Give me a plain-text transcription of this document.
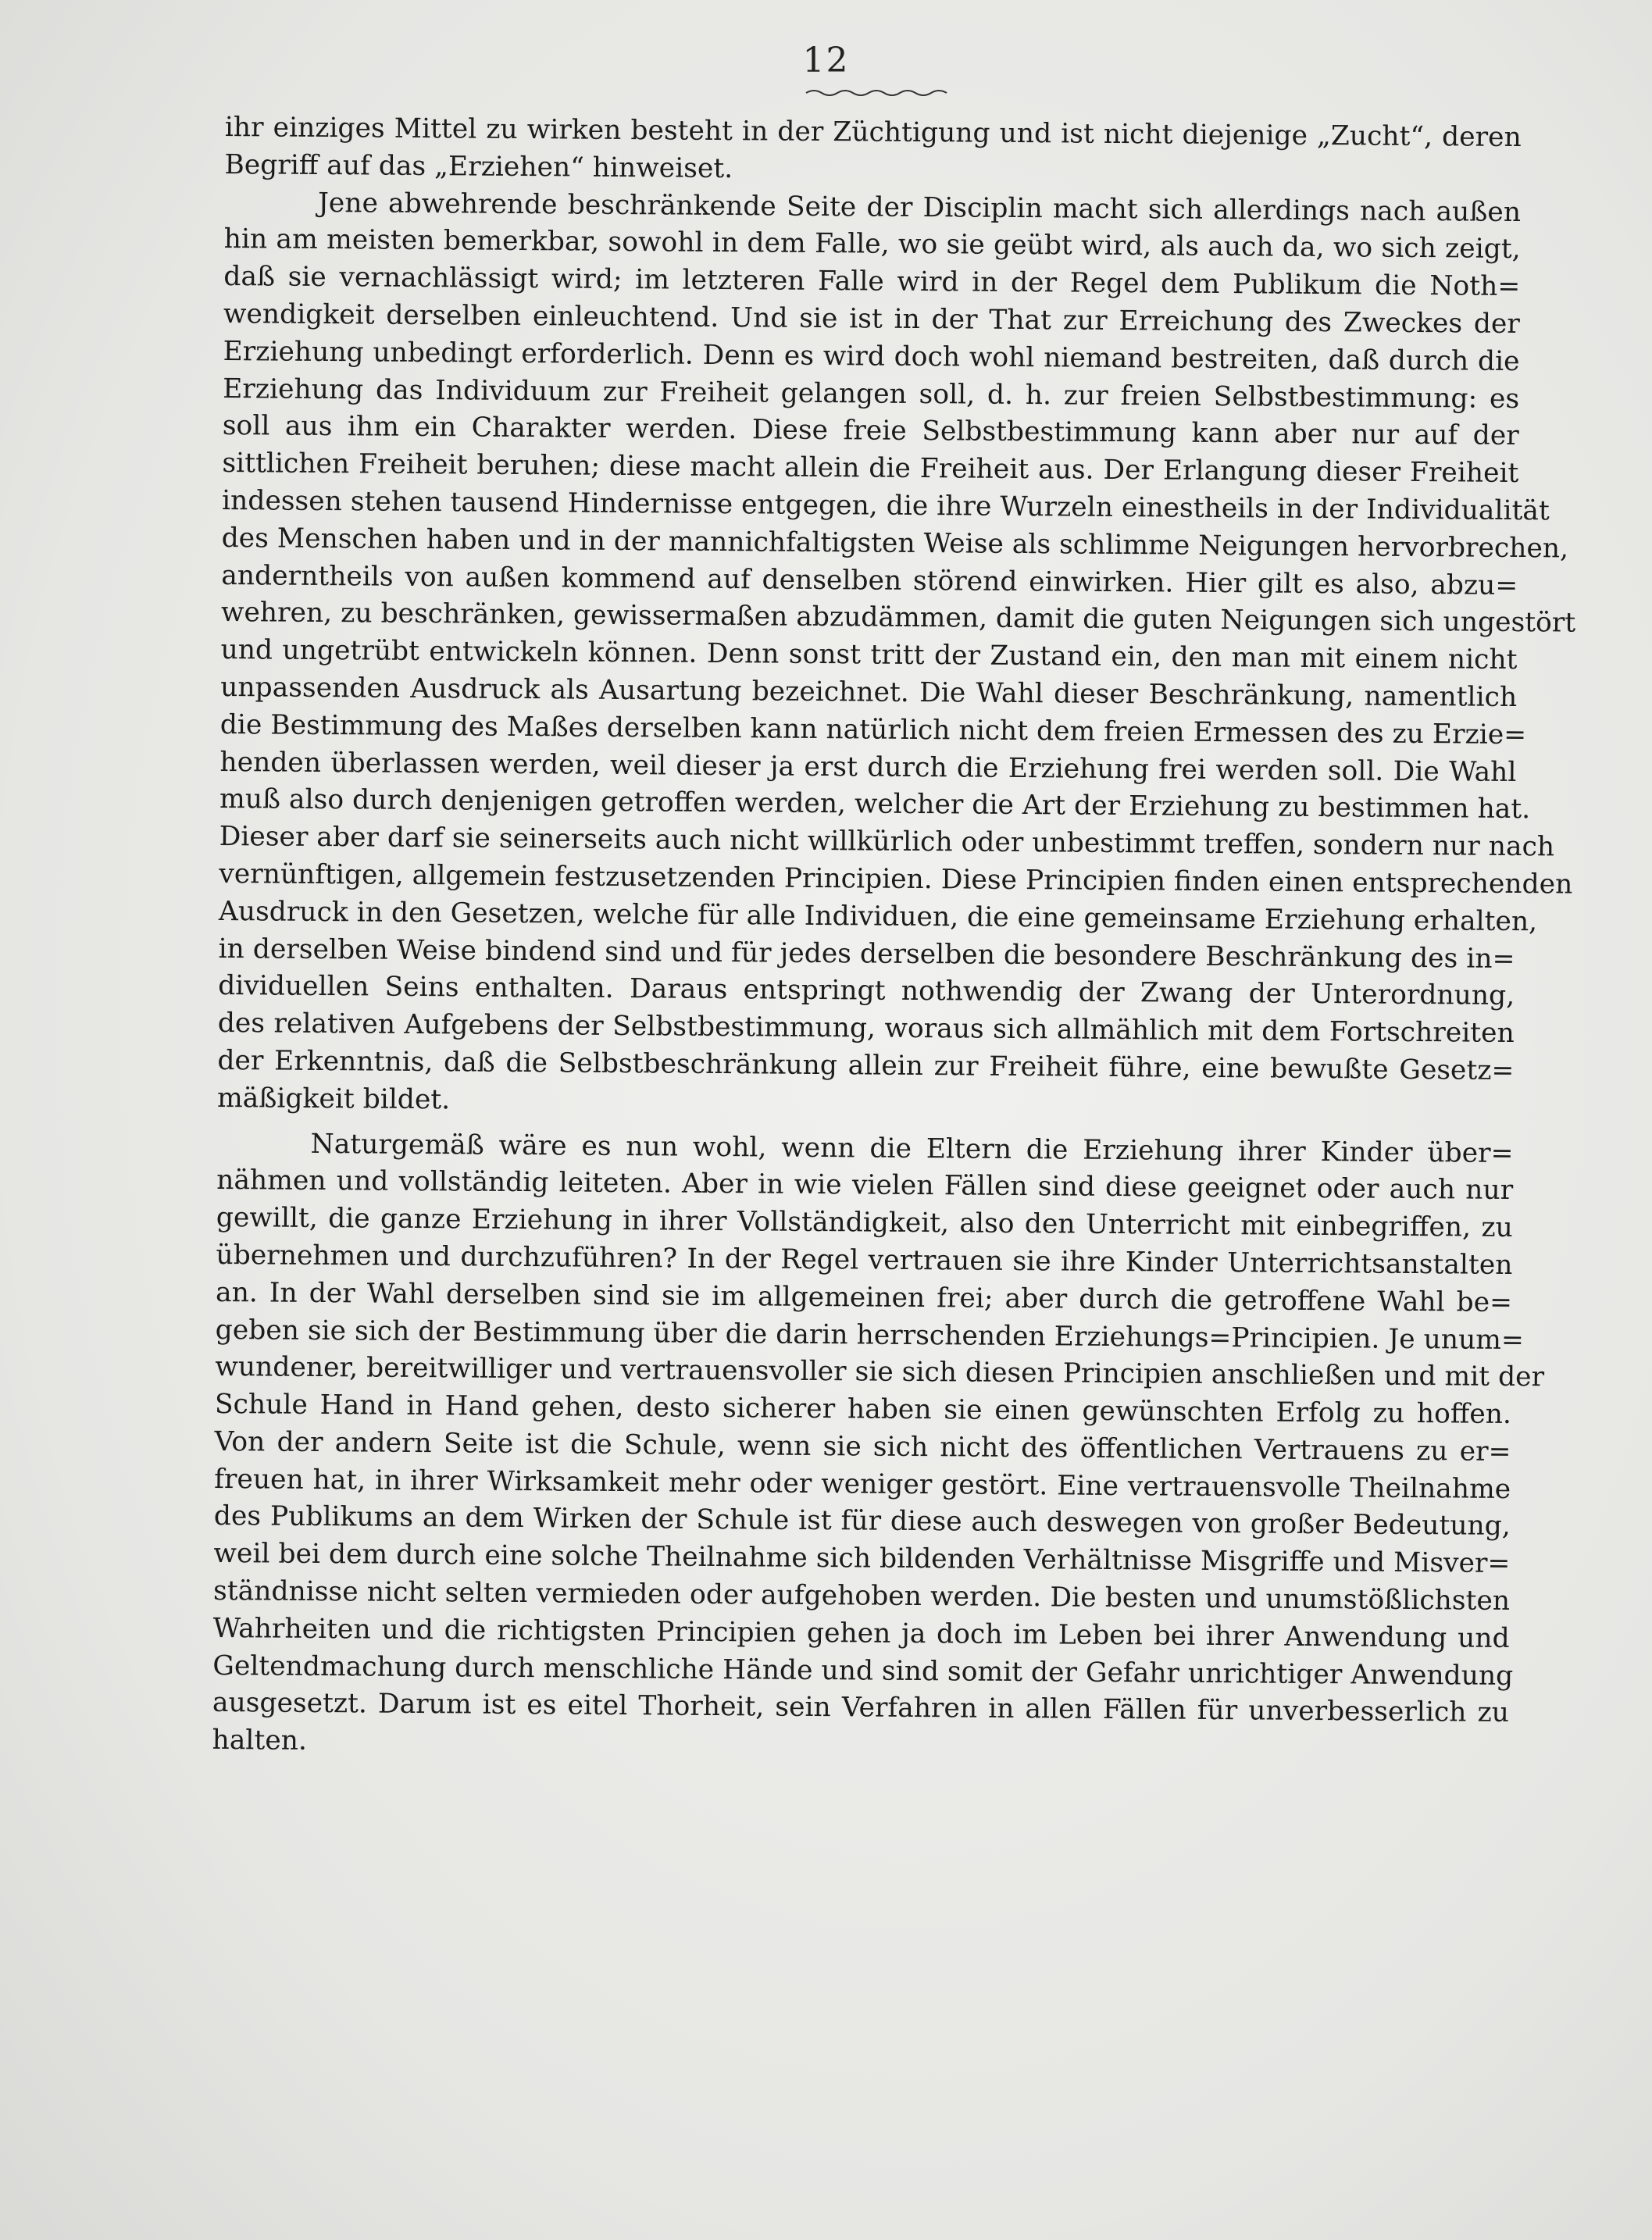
12
ihr einziges Mittel zu wirken besteht in der Züchtigung und ist nicht diejenige „Zucht“, deren
Begriff auf das „Erziehen“ hinweiset.
Jene abwehrende beschränkende Seite der Disciplin macht sich allerdings nach außen
hin am meisten bemerkbar, sowohl in dem Falle, wo sie geübt wird, als auch da, wo sich zeigt,
daß sie vernachlässigt wird; im letzteren Falle wird in der Regel dem Publikum die Noth=
wendigkeit derselben einleuchtend. Und sie ist in der That zur Erreichung des Zweckes der
Erziehung unbedingt erforderlich. Denn es wird doch wohl niemand bestreiten, daß durch die
Erziehung das Individuum zur Freiheit gelangen soll, d. h. zur freien Selbstbestimmung: es
soll aus ihm ein Charakter werden. Diese freie Selbstbestimmung kann aber nur auf der
sittlichen Freiheit beruhen; diese macht allein die Freiheit aus. Der Erlangung dieser Freiheit
indessen stehen tausend Hindernisse entgegen, die ihre Wurzeln einestheils in der Individualität
des Menschen haben und in der mannichfaltigsten Weise als schlimme Neigungen hervorbrechen,
anderntheils von außen kommend auf denselben störend einwirken. Hier gilt es also, abzu=
wehren, zu beschränken, gewissermaßen abzudämmen, damit die guten Neigungen sich ungestört
und ungetrübt entwickeln können. Denn sonst tritt der Zustand ein, den man mit einem nicht
unpassenden Ausdruck als Ausartung bezeichnet. Die Wahl dieser Beschränkung, namentlich
die Bestimmung des Maßes derselben kann natürlich nicht dem freien Ermessen des zu Erzie=
henden überlassen werden, weil dieser ja erst durch die Erziehung frei werden soll. Die Wahl
muß also durch denjenigen getroffen werden, welcher die Art der Erziehung zu bestimmen hat.
Dieser aber darf sie seinerseits auch nicht willkürlich oder unbestimmt treffen, sondern nur nach
vernünftigen, allgemein festzusetzenden Principien. Diese Principien finden einen entsprechenden
Ausdruck in den Gesetzen, welche für alle Individuen, die eine gemeinsame Erziehung erhalten,
in derselben Weise bindend sind und für jedes derselben die besondere Beschränkung des in=
dividuellen Seins enthalten. Daraus entspringt nothwendig der Zwang der Unterordnung,
des relativen Aufgebens der Selbstbestimmung, woraus sich allmählich mit dem Fortschreiten
der Erkenntnis, daß die Selbstbeschränkung allein zur Freiheit führe, eine bewußte Gesetz=
mäßigkeit bildet.
Naturgemäß wäre es nun wohl, wenn die Eltern die Erziehung ihrer Kinder über=
nähmen und vollständig leiteten. Aber in wie vielen Fällen sind diese geeignet oder auch nur
gewillt, die ganze Erziehung in ihrer Vollständigkeit, also den Unterricht mit einbegriffen, zu
übernehmen und durchzuführen? In der Regel vertrauen sie ihre Kinder Unterrichtsanstalten
an. In der Wahl derselben sind sie im allgemeinen frei; aber durch die getroffene Wahl be=
geben sie sich der Bestimmung über die darin herrschenden Erziehungs=Principien. Je unum=
wundener, bereitwilliger und vertrauensvoller sie sich diesen Principien anschließen und mit der
Schule Hand in Hand gehen, desto sicherer haben sie einen gewünschten Erfolg zu hoffen.
Von der andern Seite ist die Schule, wenn sie sich nicht des öffentlichen Vertrauens zu er=
freuen hat, in ihrer Wirksamkeit mehr oder weniger gestört. Eine vertrauensvolle Theilnahme
des Publikums an dem Wirken der Schule ist für diese auch deswegen von großer Bedeutung,
weil bei dem durch eine solche Theilnahme sich bildenden Verhältnisse Misgriffe und Misver=
ständnisse nicht selten vermieden oder aufgehoben werden. Die besten und unumstößlichsten
Wahrheiten und die richtigsten Principien gehen ja doch im Leben bei ihrer Anwendung und
Geltendmachung durch menschliche Hände und sind somit der Gefahr unrichtiger Anwendung
ausgesetzt. Darum ist es eitel Thorheit, sein Verfahren in allen Fällen für unverbesserlich zu
halten.
